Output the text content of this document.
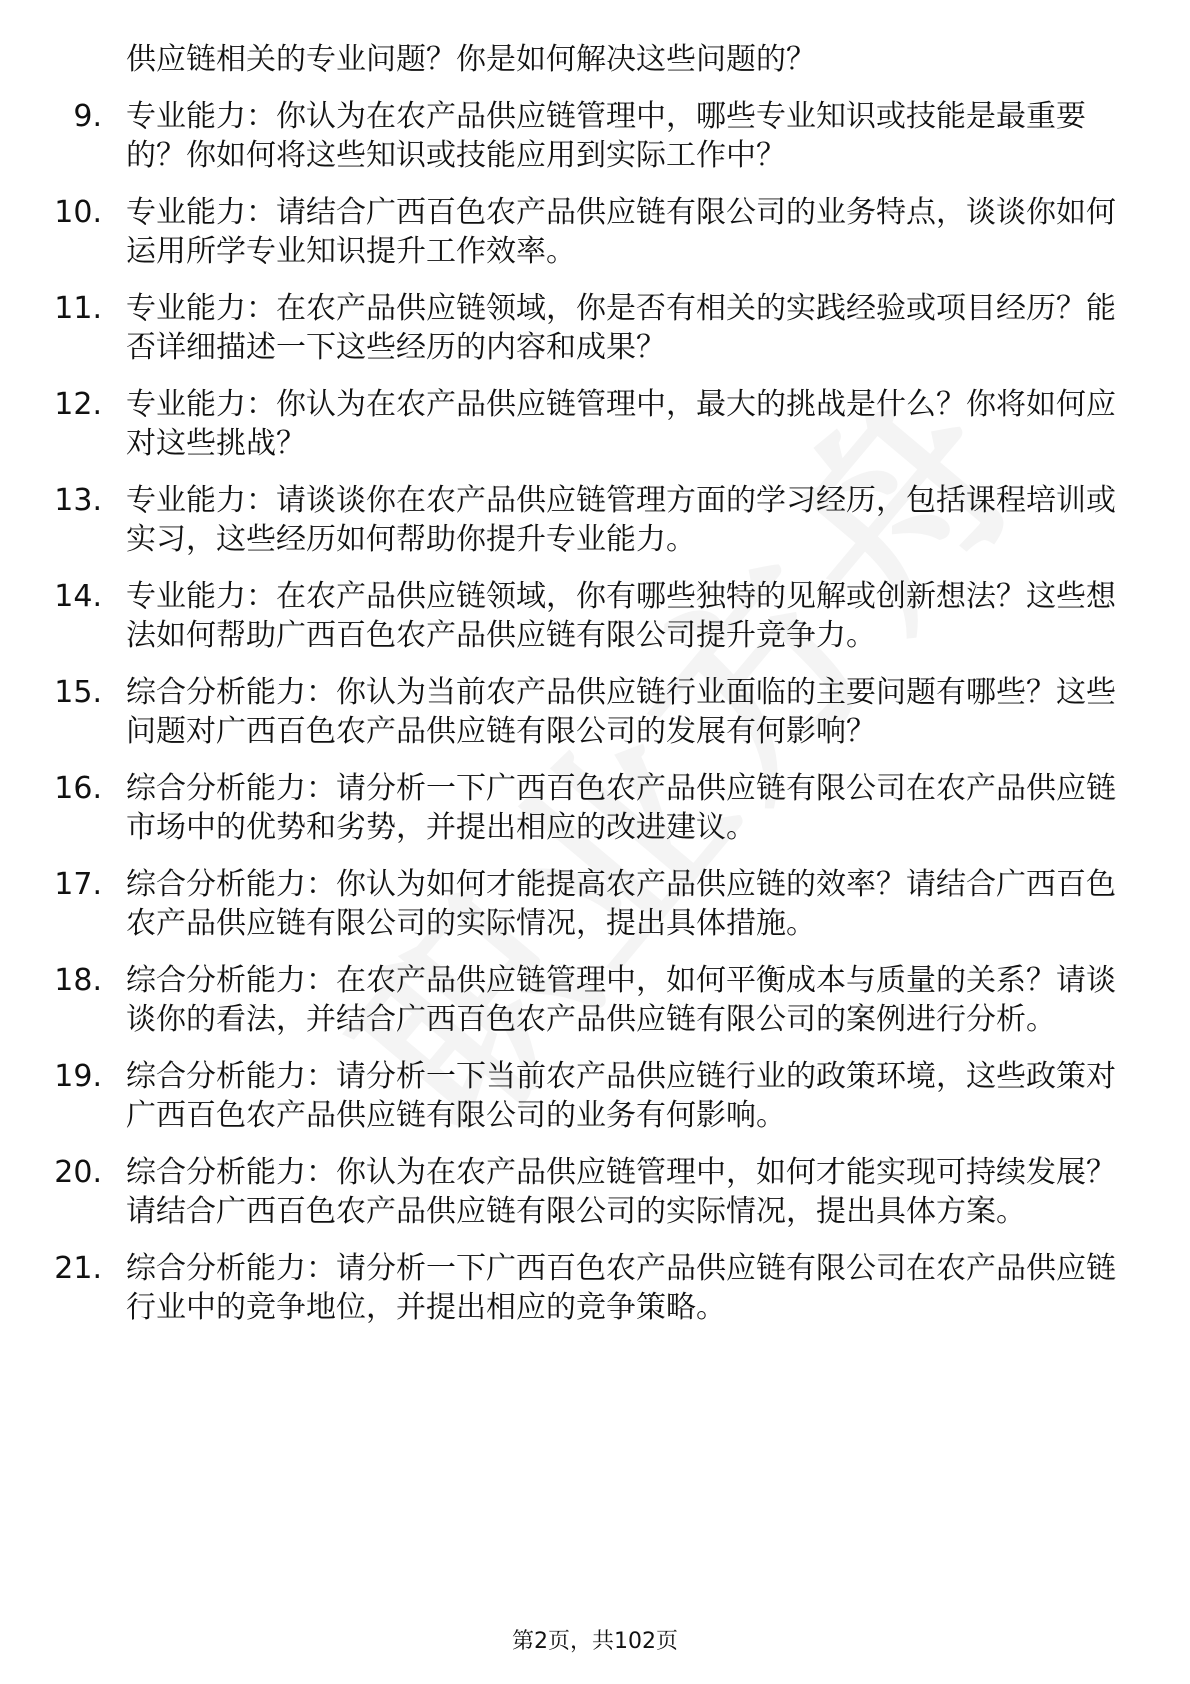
供应链相关的专业问题？你是如何解决这些问题的？
9. 专业能力：你认为在农产品供应链管理中，哪些专业知识或技能是最重要的？你如何将这些知识或技能应用到实际工作中？
10. 专业能力：请结合广西百色农产品供应链有限公司的业务特点，谈谈你如何运用所学专业知识提升工作效率。
11. 专业能力：在农产品供应链领域，你是否有相关的实践经验或项目经历？能否详细描述一下这些经历的内容和成果？
12. 专业能力：你认为在农产品供应链管理中，最大的挑战是什么？你将如何应对这些挑战？
13. 专业能力：请谈谈你在农产品供应链管理方面的学习经历，包括课程培训或实习，这些经历如何帮助你提升专业能力。
14. 专业能力：在农产品供应链领域，你有哪些独特的见解或创新想法？这些想法如何帮助广西百色农产品供应链有限公司提升竞争力。
15. 综合分析能力：你认为当前农产品供应链行业面临的主要问题有哪些？这些问题对广西百色农产品供应链有限公司的发展有何影响？
16. 综合分析能力：请分析一下广西百色农产品供应链有限公司在农产品供应链市场中的优势和劣势，并提出相应的改进建议。
17. 综合分析能力：你认为如何才能提高农产品供应链的效率？请结合广西百色农产品供应链有限公司的实际情况，提出具体措施。
18. 综合分析能力：在农产品供应链管理中，如何平衡成本与质量的关系？请谈谈你的看法，并结合广西百色农产品供应链有限公司的案例进行分析。
19. 综合分析能力：请分析一下当前农产品供应链行业的政策环境，这些政策对广西百色农产品供应链有限公司的业务有何影响。
20. 综合分析能力：你认为在农产品供应链管理中，如何才能实现可持续发展？请结合广西百色农产品供应链有限公司的实际情况，提出具体方案。
21. 综合分析能力：请分析一下广西百色农产品供应链有限公司在农产品供应链行业中的竞争地位，并提出相应的竞争策略。
第2页，共102页
